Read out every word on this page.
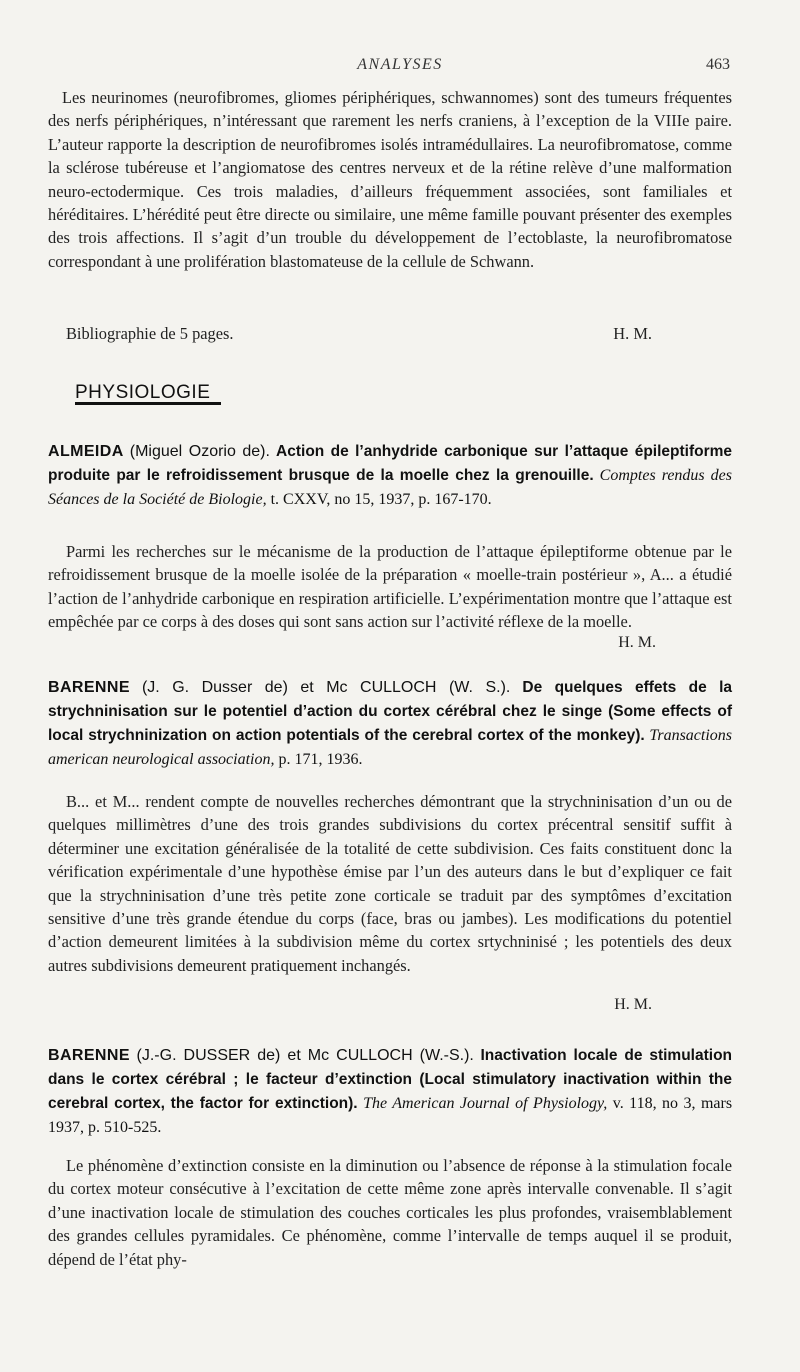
ANALYSES	463

Les neurinomes (neurofibromes, gliomes périphériques, schwannomes) sont des tumeurs fréquentes des nerfs périphériques, n’intéressant que rarement les nerfs craniens, à l’exception de la VIIIe paire. L’auteur rapporte la description de neurofibromes isolés intramédullaires. La neurofibromatose, comme la sclérose tubéreuse et l’angiomatose des centres nerveux et de la rétine relève d’une malformation neuro-ectodermique. Ces trois maladies, d’ailleurs fréquemment associées, sont familiales et héréditaires. L’hérédité peut être directe ou similaire, une même famille pouvant présenter des exemples des trois affections. Il s’agit d’un trouble du développement de l’ectoblaste, la neurofibromatose correspondant à une prolifération blastomateuse de la cellule de Schwann.

Bibliographie de 5 pages.	H. M.

PHYSIOLOGIE

ALMEIDA (Miguel Ozorio de). Action de l’anhydride carbonique sur l’attaque épileptiforme produite par le refroidissement brusque de la moelle chez la grenouille. Comptes rendus des Séances de la Société de Biologie, t. CXXV, no 15, 1937, p. 167-170.

Parmi les recherches sur le mécanisme de la production de l’attaque épileptiforme obtenue par le refroidissement brusque de la moelle isolée de la préparation « moelle-train postérieur », A... a étudié l’action de l’anhydride carbonique en respiration artificielle. L’expérimentation montre que l’attaque est empêchée par ce corps à des doses qui sont sans action sur l’activité réflexe de la moelle.

H. M.

BARENNE (J. G. Dusser de) et Mc CULLOCH (W. S.). De quelques effets de la strychninisation sur le potentiel d’action du cortex cérébral chez le singe (Some effects of local strychninization on action potentials of the cerebral cortex of the monkey). Transactions american neurological association, p. 171, 1936.

B... et M... rendent compte de nouvelles recherches démontrant que la strychninisation d’un ou de quelques millimètres d’une des trois grandes subdivisions du cortex précentral sensitif suffit à déterminer une excitation généralisée de la totalité de cette subdivision. Ces faits constituent donc la vérification expérimentale d’une hypothèse émise par l’un des auteurs dans le but d’expliquer ce fait que la strychninisation d’une très petite zone corticale se traduit par des symptômes d’excitation sensitive d’une très grande étendue du corps (face, bras ou jambes). Les modifications du potentiel d’action demeurent limitées à la subdivision même du cortex srtychninisé ; les potentiels des deux autres subdivisions demeurent pratiquement inchangés.

H. M.

BARENNE (J.-G. DUSSER de) et Mc CULLOCH (W.-S.). Inactivation locale de stimulation dans le cortex cérébral ; le facteur d’extinction (Local stimulatory inactivation within the cerebral cortex, the factor for extinction). The American Journal of Physiology, v. 118, no 3, mars 1937, p. 510-525.

Le phénomène d’extinction consiste en la diminution ou l’absence de réponse à la stimulation focale du cortex moteur consécutive à l’excitation de cette même zone après intervalle convenable. Il s’agit d’une inactivation locale de stimulation des couches corticales les plus profondes, vraisemblablement des grandes cellules pyramidales. Ce phénomène, comme l’intervalle de temps auquel il se produit, dépend de l’état phy-
